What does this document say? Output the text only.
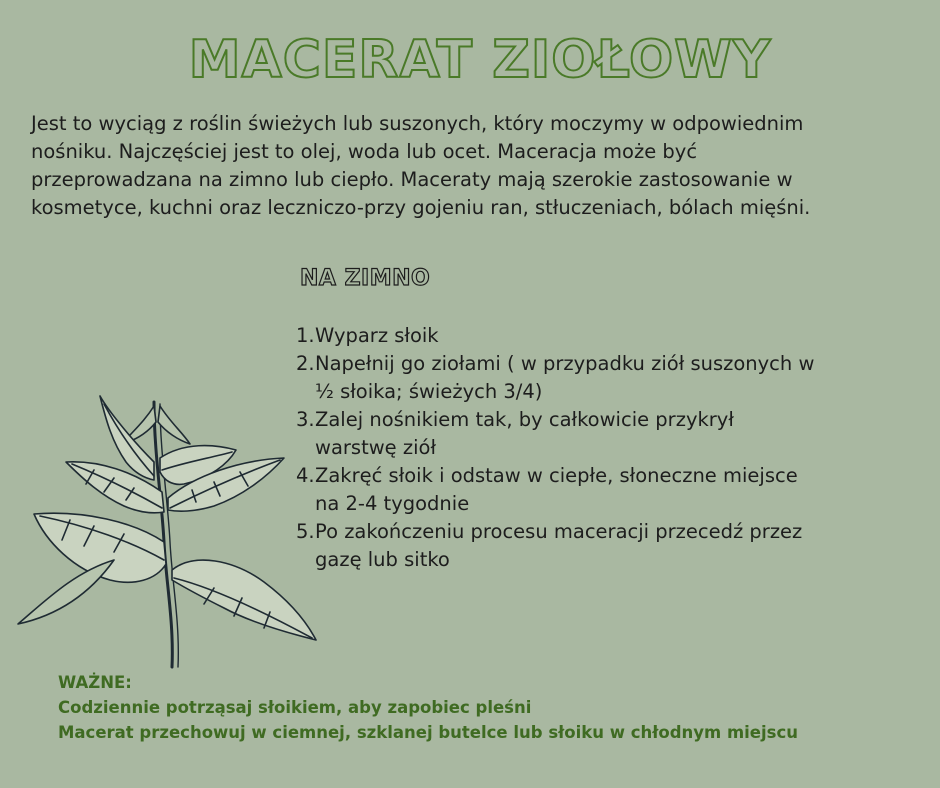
MACERAT ZIOŁOWY
Jest to wyciąg z roślin świeżych lub suszonych, który moczymy w odpowiednim nośniku. Najczęściej jest to olej, woda lub ocet. Maceracja może być przeprowadzana na zimno lub ciepło. Maceraty mają szerokie zastosowanie w kosmetyce, kuchni oraz leczniczo-przy gojeniu ran, stłuczeniach, bólach mięśni.
NA ZIMNO
1. Wyparz słoik
2. Napełnij go ziołami ( w przypadku ziół suszonych w ½ słoika; świeżych 3/4)
3. Zalej nośnikiem tak, by całkowicie przykrył warstwę ziół
4. Zakręć słoik i odstaw w ciepłe, słoneczne miejsce na 2-4 tygodnie
5. Po zakończeniu procesu maceracji przecedź przez gazę lub sitko
WAŻNE:
Codziennie potrząsaj słoikiem, aby zapobiec pleśni
Macerat przechowuj w ciemnej, szklanej butelce lub słoiku w chłodnym miejscu
